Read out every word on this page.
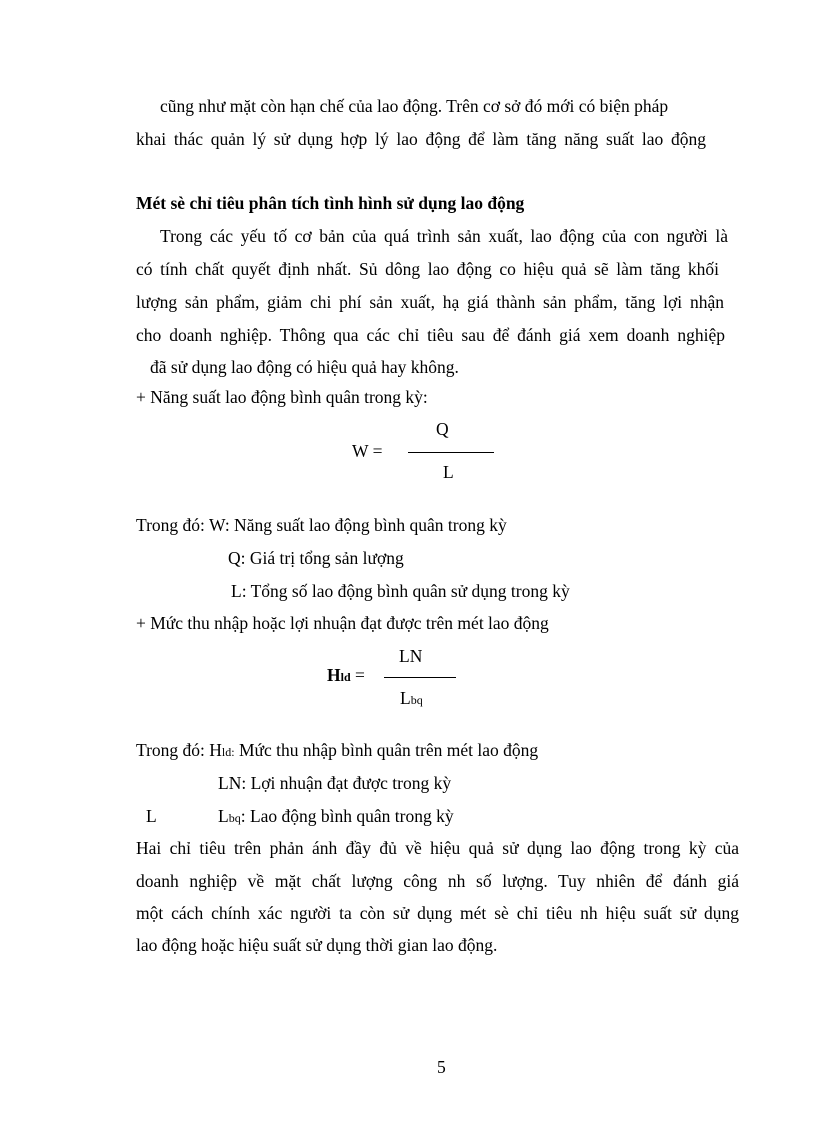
cũng như mặt còn hạn chế của lao động. Trên cơ sở đó mới có biện pháp
khai thác quản lý sử dụng hợp lý lao động để làm tăng năng suất lao động
Mét sè chỉ tiêu phân tích tình hình sử dụng lao động
Trong các yếu tố cơ bản của quá trình sản xuất, lao động của con người là
có tính chất quyết định nhất. Sủ dông lao động co hiệu quả sẽ làm tăng khối
lượng sản phẩm, giảm chi phí sản xuất, hạ giá thành sản phẩm, tăng lợi nhận
cho doanh nghiệp. Thông qua các chỉ tiêu sau để đánh giá xem doanh nghiệp
đã sử dụng lao động có hiệu quả hay không.
+ Năng suất lao động bình quân trong kỳ:
Q
W =
L
Trong đó: W: Năng suất lao động bình quân trong kỳ
Q: Giá trị tổng sản lượng
L: Tổng số lao động bình quân sử dụng trong kỳ
+ Mức thu nhập hoặc lợi nhuận đạt được trên mét lao động
LN
Hld =
Lbq
Trong đó: Hld: Mức thu nhập bình quân trên mét lao động
LN: Lợi nhuận đạt được trong kỳ
L	Lbq: Lao động bình quân trong kỳ
Hai chỉ tiêu trên phản ánh đầy đủ về hiệu quả sử dụng lao động trong kỳ của
doanh nghiệp về mặt chất lượng công nh số lượng. Tuy nhiên để đánh giá
một cách chính xác người ta còn sử dụng mét sè chỉ tiêu nh hiệu suất sử dụng
lao động hoặc hiệu suất sử dụng thời gian lao động.
5
